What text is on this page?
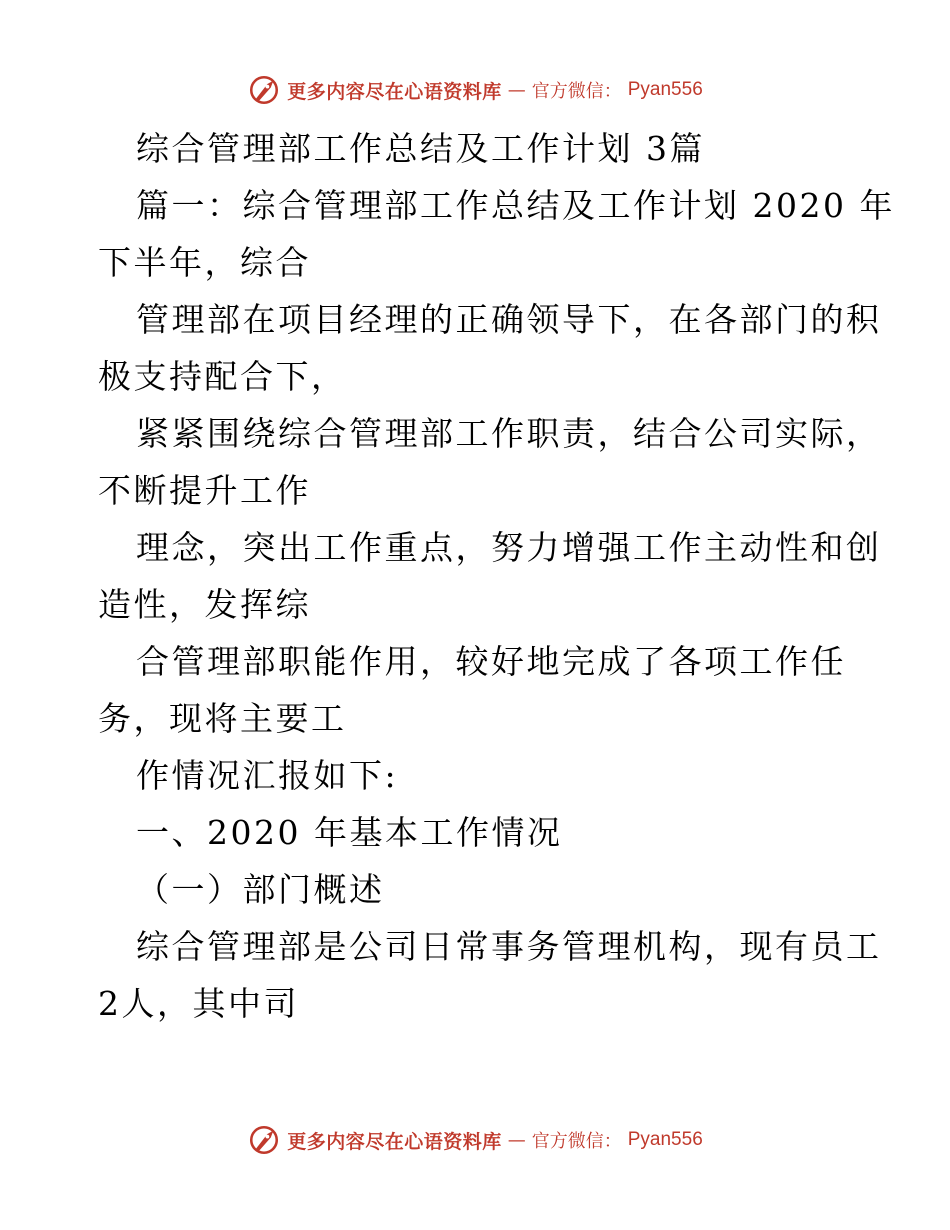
更多内容尽在心语资料库 — 官方微信： Pyan556
综合管理部工作总结及工作计划 3篇
篇一：综合管理部工作总结及工作计划 2020 年
下半年，综合
管理部在项目经理的正确领导下，在各部门的积
极支持配合下，
紧紧围绕综合管理部工作职责，结合公司实际，
不断提升工作
理念，突出工作重点，努力增强工作主动性和创
造性，发挥综
合管理部职能作用，较好地完成了各项工作任
务，现将主要工
作情况汇报如下:
一、2020 年基本工作情况
（一）部门概述
综合管理部是公司日常事务管理机构，现有员工
2人，其中司
更多内容尽在心语资料库 — 官方微信： Pyan556
